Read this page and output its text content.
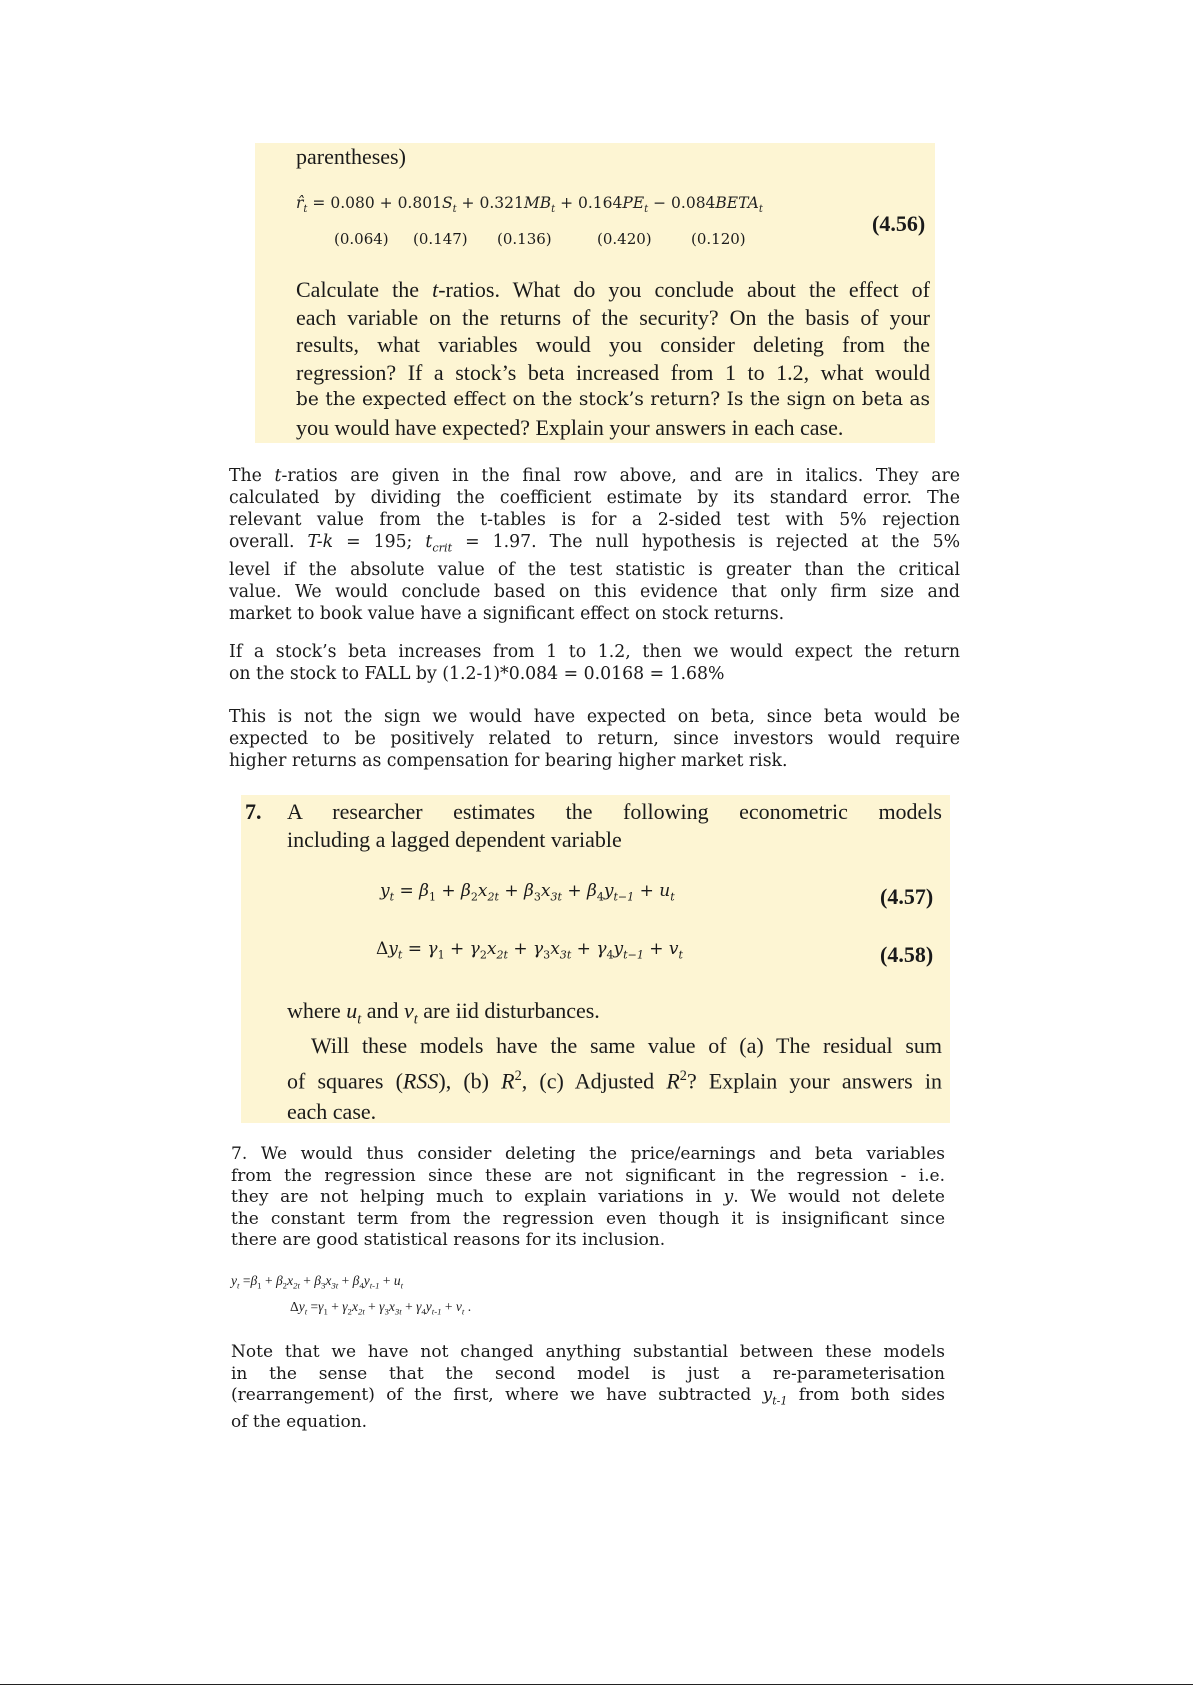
parentheses)
$r̂_t = 0.080 + 0.801S_t + 0.321MB_t + 0.164PE_t$ − $0.084BETA_t$
(4.56)
(0.064) (0.147) (0.136)	(0.420)	(0.120)
Calculate the t-ratios. What do you conclude about the effect of
each variable on the returns of the security? On the basis of your
results, what variables would you consider deleting from the
regression? If a stock’s beta increased from 1 to 1.2, what would
be the expected effect on the stock’s return? Is the sign on beta as
you would have expected? Explain your answers in each case.
The t-ratios are given in the final row above, and are in italics. They are
calculated by dividing the coefficient estimate by its standard error. The
relevant value from the t-tables is for a 2-sided test with 5% rejection
overall. T-k = 195; $t_{crit} = 1.97$. The null hypothesis is rejected at the 5%
level if the absolute value of the test statistic is greater than the critical
value. We would conclude based on this evidence that only firm size and
market to book value have a significant effect on stock returns.
If a stock’s beta increases from 1 to 1.2, then we would expect the return
on the stock to FALL by (1.2-1)*0.084 = 0.0168 = 1.68%
This is not the sign we would have expected on beta, since beta would be
expected to be positively related to return, since investors would require
higher returns as compensation for bearing higher market risk.
7. A researcher estimates the following econometric models
including a lagged dependent variable
$y_t = \beta_1 + \beta_2x_{2t} + \beta_3x_{3t} + \beta_4y_{t-1} + u_t$	(4.57)
$\Delta y_t = \gamma_1 + \gamma_2x_{2t} + \gamma_3x_{3t} + \gamma_4y_{t-1} + v_t$	(4.58)
where $u_t$ and $v_t$ are iid disturbances.
Will these models have the same value of (a) The residual sum
of squares (RSS), (b) $R^2$, (c) Adjusted $R^2$? Explain your answers in
each case.
7. We would thus consider deleting the price/earnings and beta variables
from the regression since these are not significant in the regression - i.e.
they are not helping much to explain variations in y. We would not delete
the constant term from the regression even though it is insignificant since
there are good statistical reasons for its inclusion.
$y_t =\beta_1 + \beta_2x_{2t} + \beta_3x_{3t} + \beta_4y_{t-1} + u_t$
$\Delta y_t =\gamma_1 + \gamma_2x_{2t} + \gamma_3x_{3t} + \gamma_4y_{t-1} + v_t$ .
Note that we have not changed anything substantial between these models
in the sense that the second model is just a re-parameterisation
(rearrangement) of the first, where we have subtracted $y_{t-1}$ from both sides
of the equation.
